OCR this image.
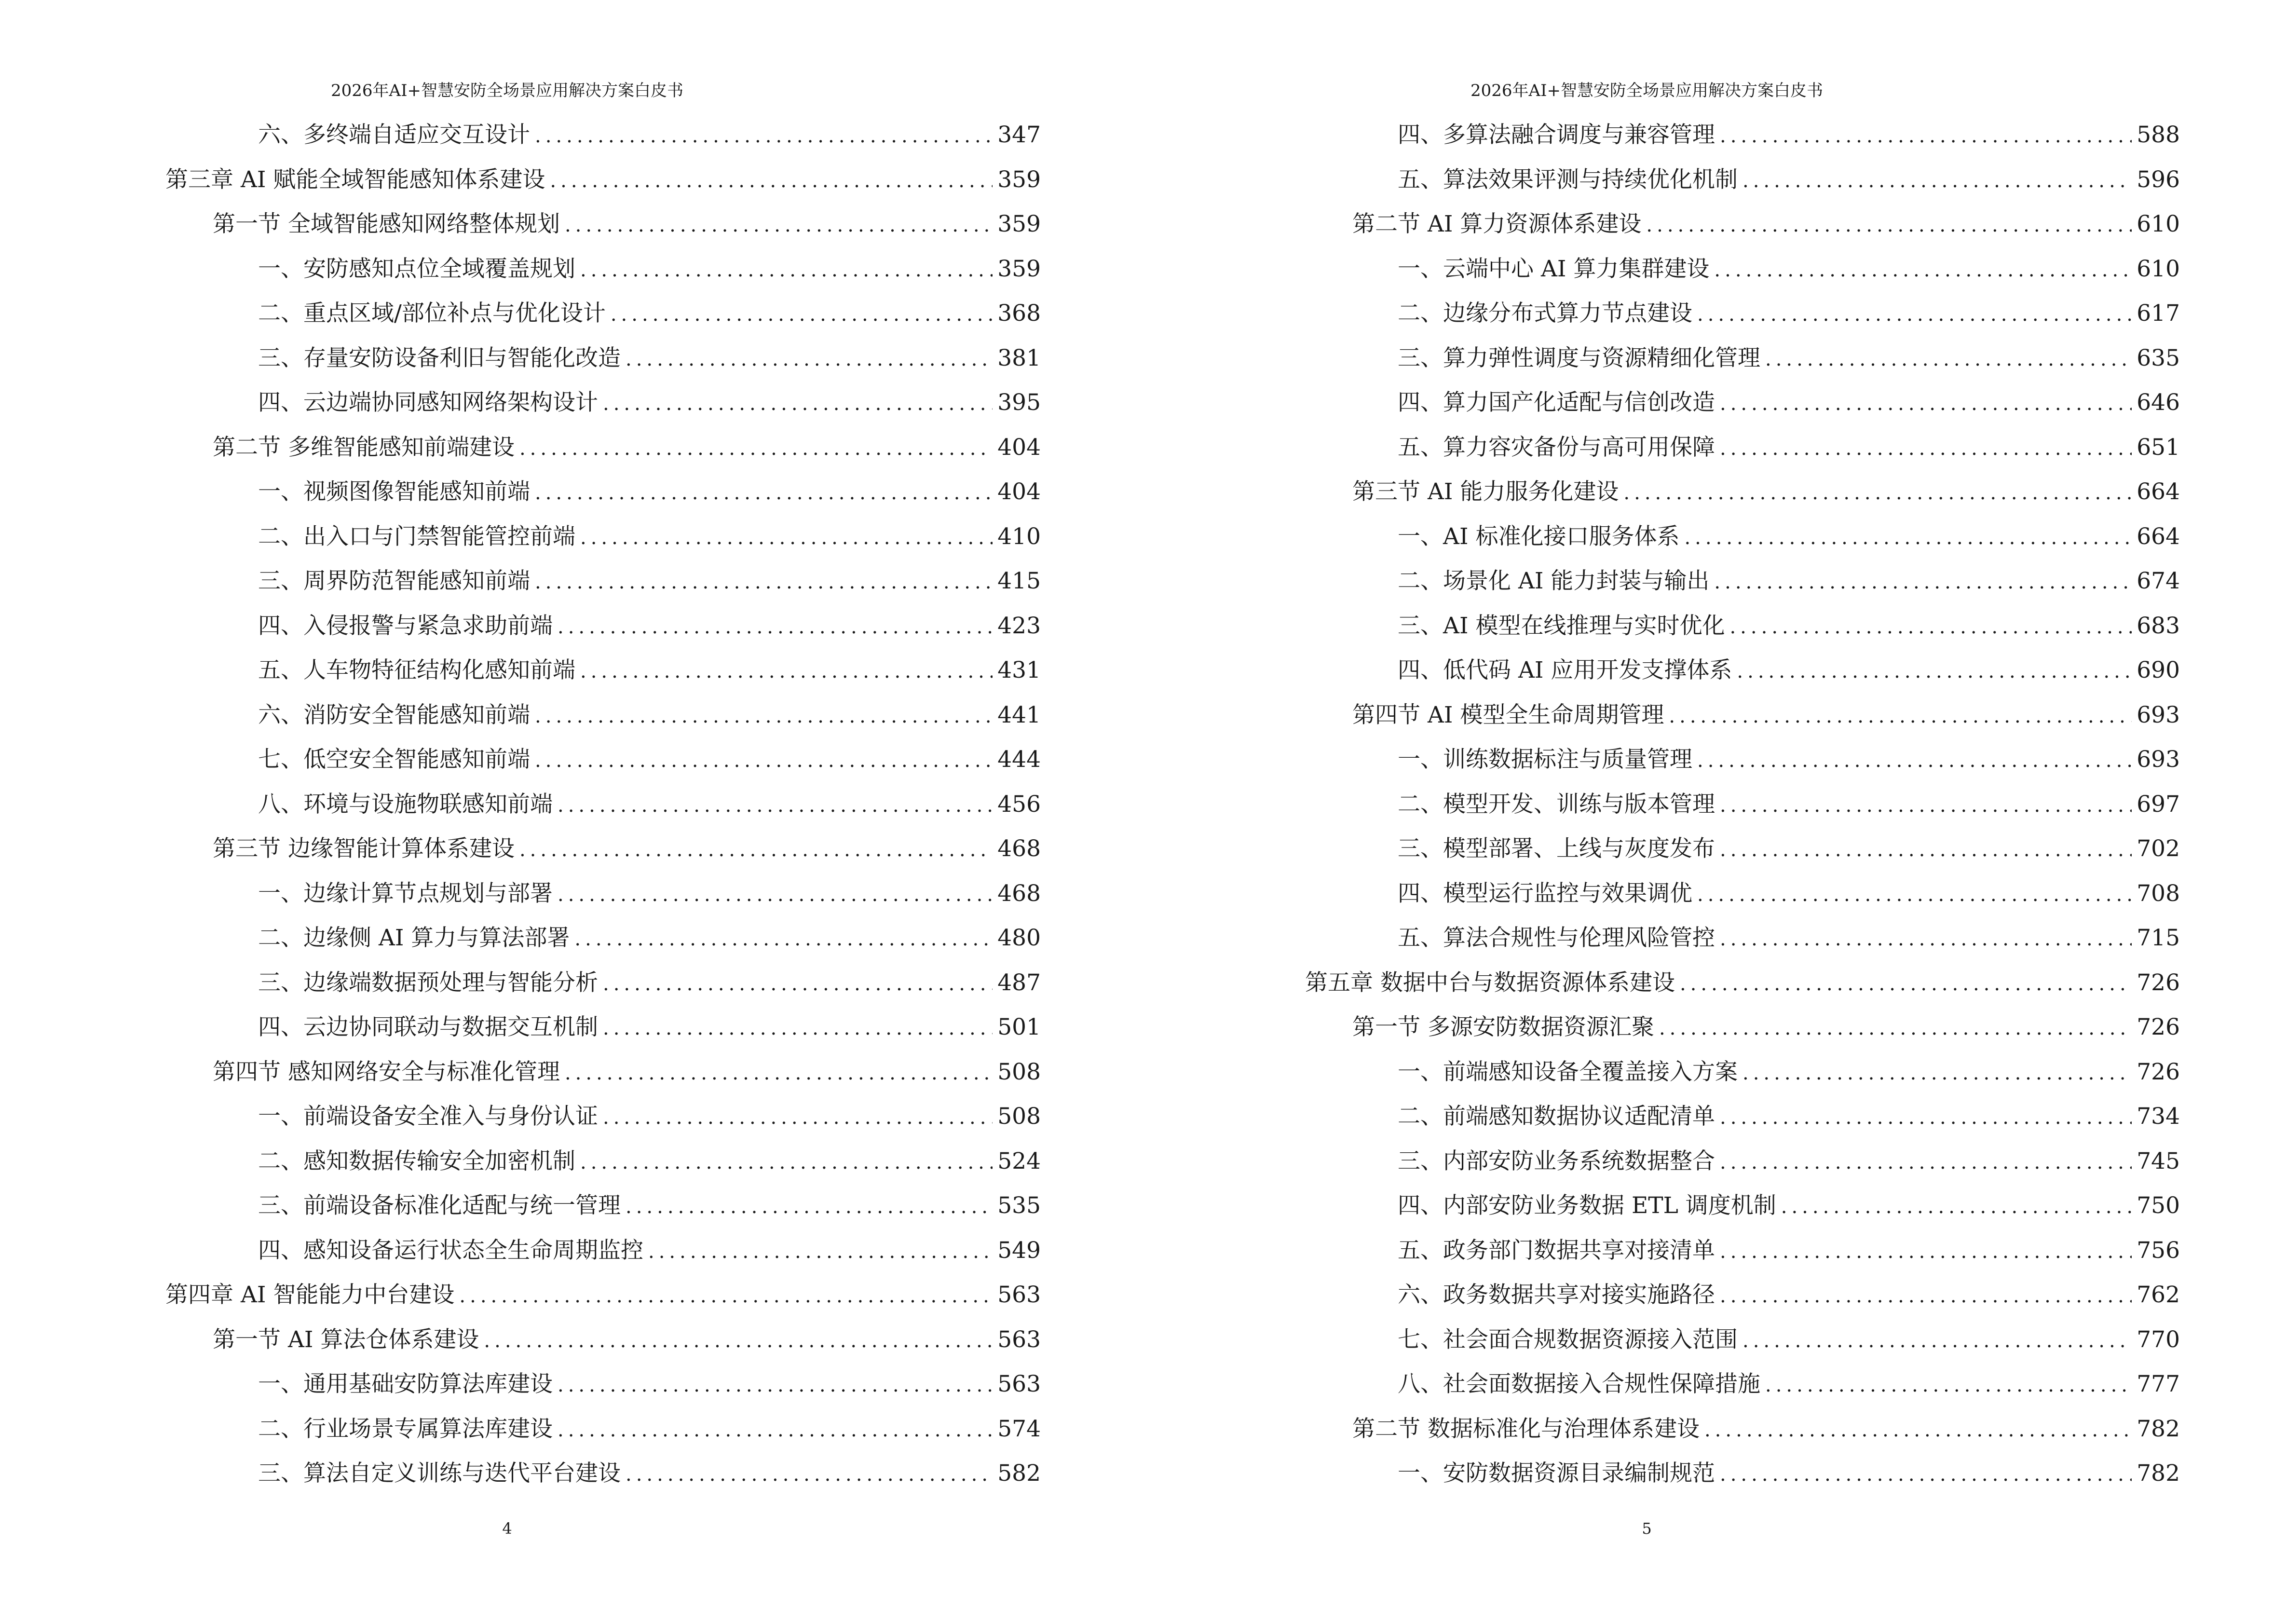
2026年AI+智慧安防全场景应用解决方案白皮书
六、多终端自适应交互设计 .....	347
第三章 AI 赋能全域智能感知体系建设 .....	359
第一节 全域智能感知网络整体规划 .....	359
一、安防感知点位全域覆盖规划 .....	359
二、重点区域/部位补点与优化设计 .....	368
三、存量安防设备利旧与智能化改造 .....	381
四、云边端协同感知网络架构设计 .....	395
第二节 多维智能感知前端建设 .....	404
一、视频图像智能感知前端 .....	404
二、出入口与门禁智能管控前端 .....	410
三、周界防范智能感知前端 .....	415
四、入侵报警与紧急求助前端 .....	423
五、人车物特征结构化感知前端 .....	431
六、消防安全智能感知前端 .....	441
七、低空安全智能感知前端 .....	444
八、环境与设施物联感知前端 .....	456
第三节 边缘智能计算体系建设 .....	468
一、边缘计算节点规划与部署 .....	468
二、边缘侧 AI 算力与算法部署 .....	480
三、边缘端数据预处理与智能分析 .....	487
四、云边协同联动与数据交互机制 .....	501
第四节 感知网络安全与标准化管理 .....	508
一、前端设备安全准入与身份认证 .....	508
二、感知数据传输安全加密机制 .....	524
三、前端设备标准化适配与统一管理 .....	535
四、感知设备运行状态全生命周期监控 .....	549
第四章 AI 智能能力中台建设 .....	563
第一节 AI 算法仓体系建设 .....	563
一、通用基础安防算法库建设 .....	563
二、行业场景专属算法库建设 .....	574
三、算法自定义训练与迭代平台建设 .....	582
4
2026年AI+智慧安防全场景应用解决方案白皮书
四、多算法融合调度与兼容管理 .....	588
五、算法效果评测与持续优化机制 .....	596
第二节 AI 算力资源体系建设 .....	610
一、云端中心 AI 算力集群建设 .....	610
二、边缘分布式算力节点建设 .....	617
三、算力弹性调度与资源精细化管理 .....	635
四、算力国产化适配与信创改造 .....	646
五、算力容灾备份与高可用保障 .....	651
第三节 AI 能力服务化建设 .....	664
一、AI 标准化接口服务体系 .....	664
二、场景化 AI 能力封装与输出 .....	674
三、AI 模型在线推理与实时优化 .....	683
四、低代码 AI 应用开发支撑体系 .....	690
第四节 AI 模型全生命周期管理 .....	693
一、训练数据标注与质量管理 .....	693
二、模型开发、训练与版本管理 .....	697
三、模型部署、上线与灰度发布 .....	702
四、模型运行监控与效果调优 .....	708
五、算法合规性与伦理风险管控 .....	715
第五章 数据中台与数据资源体系建设 .....	726
第一节 多源安防数据资源汇聚 .....	726
一、前端感知设备全覆盖接入方案 .....	726
二、前端感知数据协议适配清单 .....	734
三、内部安防业务系统数据整合 .....	745
四、内部安防业务数据 ETL 调度机制 .....	750
五、政务部门数据共享对接清单 .....	756
六、政务数据共享对接实施路径 .....	762
七、社会面合规数据资源接入范围 .....	770
八、社会面数据接入合规性保障措施 .....	777
第二节 数据标准化与治理体系建设 .....	782
一、安防数据资源目录编制规范 .....	782
5
